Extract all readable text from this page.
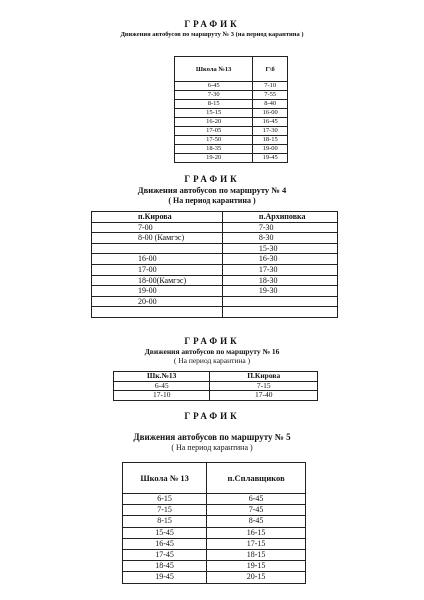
ГРАФИК
Движения автобусов по маршруту № 3 (на период карантина )
Школа №13	Г\б
6-45	7-10
7-30	7-55
8-15	8-40
15-15	16-00
16-20	16-45
17-05	17-30
17-50	18-15
18-35	19-00
19-20	19-45
ГРАФИК
Движения автобусов по маршруту № 4
( На период карантина )
п.Кирова	п.Архиповка
7-00	7-30
8-00 (Камгэс)	8-30
	15-30
16-00	16-30
17-00	17-30
18-00(Камгэс)	18-30
19-00	19-30
20-00	

ГРАФИК
Движения автобусов по маршруту № 16
( На период карантина )
Шк.№13	П.Кирова
6-45	7-15
17-10	17-40
ГРАФИК
Движения автобусов по маршруту № 5
( На период карантина )
Школа № 13	п.Сплавщиков
6-15	6-45
7-15	7-45
8-15	8-45
15-45	16-15
16-45	17-15
17-45	18-15
18-45	19-15
19-45	20-15
